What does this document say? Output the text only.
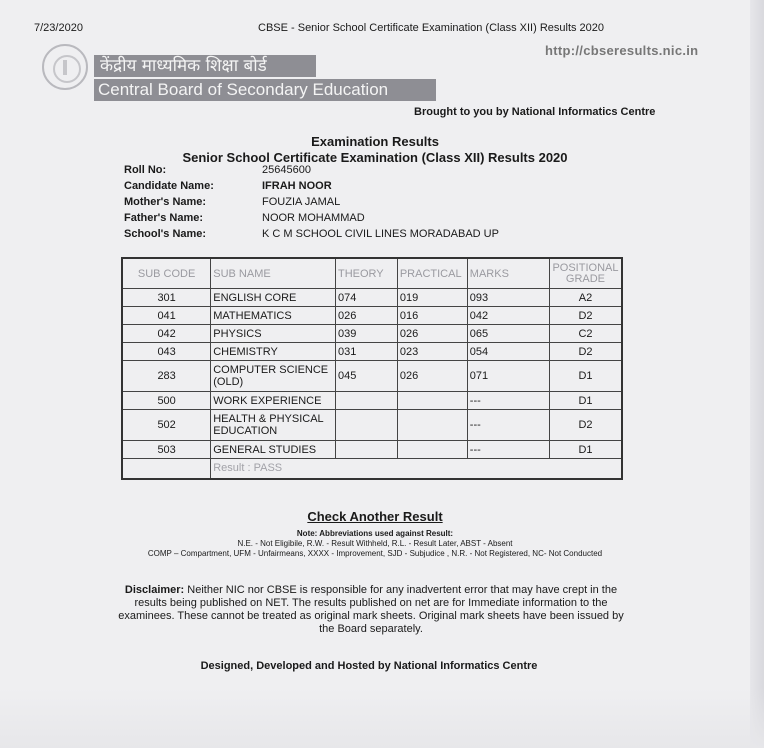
7/23/2020	CBSE - Senior School Certificate Examination (Class XII) Results 2020
http://cbseresults.nic.in
केंद्रीय माध्यमिक शिक्षा बोर्ड
Central Board of Secondary Education
Brought to you by National Informatics Centre
Examination Results
Senior School Certificate Examination (Class XII) Results 2020
Roll No:	25645600
Candidate Name:	IFRAH NOOR
Mother's Name:	FOUZIA JAMAL
Father's Name:	NOOR MOHAMMAD
School's Name:	K C M SCHOOL CIVIL LINES MORADABAD UP
SUB CODE	SUB NAME	THEORY	PRACTICAL	MARKS	POSITIONAL GRADE
301	ENGLISH CORE	074	019	093	A2
041	MATHEMATICS	026	016	042	D2
042	PHYSICS	039	026	065	C2
043	CHEMISTRY	031	023	054	D2
283	COMPUTER SCIENCE (OLD)	045	026	071	D1
500	WORK EXPERIENCE			---	D1
502	HEALTH & PHYSICAL EDUCATION			---	D2
503	GENERAL STUDIES			---	D1
	Result : PASS				
Check Another Result
Note: Abbreviations used against Result:
N.E. - Not Eligibile, R.W. - Result Withheld, R.L. - Result Later, ABST - Absent
COMP – Compartment, UFM - Unfairmeans, XXXX - Improvement, SJD - Subjudice , N.R. - Not Registered, NC- Not Conducted
Disclaimer: Neither NIC nor CBSE is responsible for any inadvertent error that may have crept in the results being published on NET. The results published on net are for Immediate information to the examinees. These cannot be treated as original mark sheets. Original mark sheets have been issued by the Board separately.
Designed, Developed and Hosted by National Informatics Centre
